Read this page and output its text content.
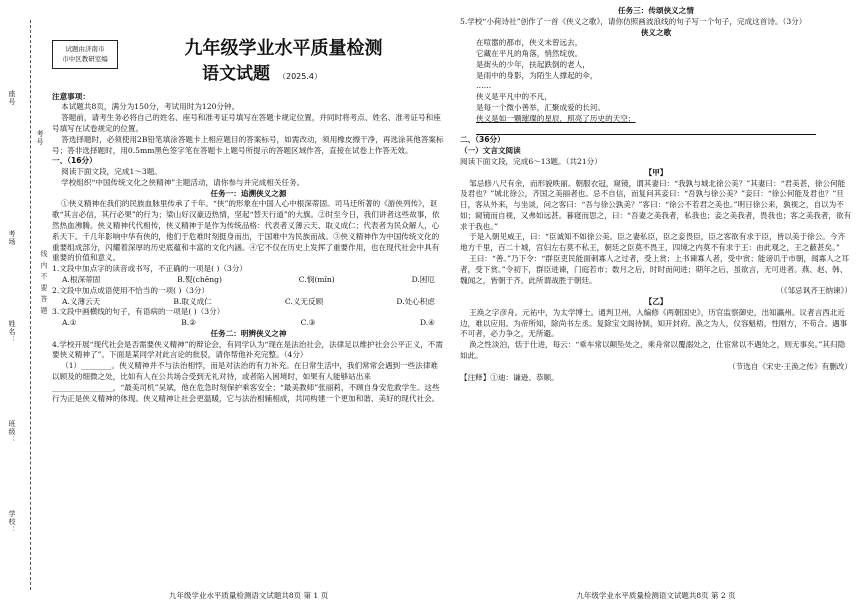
学校：
班级：
姓名：
考场
座号
考号
线 内 不 要 答 题
试题由济南市
市中区教研室编
九年级学业水平质量检测
语文试题 （2025.4）

注意事项：

本试题共8页，满分为150分，考试用时为120分钟。

答题前，请考生务必将自己的姓名、座号和准考证号填写在答题卡规定位置，并同时将考点、姓名、准考证号和座号填写在试卷规定的位置。

答选择题时，必须使用2B铅笔填涂答题卡上相应题目的答案标号，如需改动，须用橡皮擦干净，再选涂其他答案标号；答非选择题时，用0.5mm黑色签字笔在答题卡上题号所提示的答题区域作答，直接在试卷上作答无效。

一、（16分）

阅读下面文段，完成1～3题。

学校组织“中国传统文化之侠精神”主题活动，请你参与并完成相关任务。

任务一：追溯侠义之源

①侠义精神在我们的民族血脉里传承了千年。“侠”的形象在中国人心中根深蒂固。司马迁所著的《游侠列传》，讴歌“其言必信，其行必果”的行为；梁山好汉豪迈热情，坚起“替天行道”的大旗。②时至今日，我们讲者这些故事，依然热血沸腾。侠义精神代代相传，侠义精神于是作为传统品格：代表者义薄云天、取义成仁；代表者为民众解人，心系天下。千几年影响中华有侠的，他们于危难时刻挺身而出，于国难中为民族而战。③侠义精神作为中国传统文化的重要组成部分，闪耀着深厚的历史底蕴和丰富的文化内涵。④它不仅在历史上发挥了重要作用，也在现代社会中具有重要的价值和意义。

1.文段中加点字的读音或书写，不正确的一项是( )（3分）

A.根深蒂固	B.熨(chēng)	C.悯(mǐn)	D.困厄

2.文段中加点成语使用不恰当的一项( )（3分）

A.义薄云天	B.取义成仁	C.义无反顾	D.处心积虑

3.文段中画横线的句子，有语病的一项是( )（3分）

A.①	B.②	C.③	D.④

任务二：明辨侠义之神

4.学校开展“现代社会是否需要侠义精神”的辩论会，有同学认为“现在是法治社会，法律足以维护社会公平正义，不需要侠义精神了”。下面是某同学对此言论的批驳，请你帮他补充完整。（4分）

（1）________。侠义精神并不与法治相悖，而是对法治的有力补充。在日常生活中，我们常常会遇到一些法律难以顾及的细微之处，比如有人在公共场合受到无礼对待，或者陷入困境时，如果有人能够站出来________________，“最美司机”吴斌，他在危急时刻保护乘客安全；“最美教师”张丽莉，不顾自身安危救学生。这些行为正是侠义精神的体现。侠义精神让社会更温暖，它与法治相辅相成，共同构建一个更加和谐、美好的现代社会。

九年级学业水平质量检测语文试题共8页 第 1 页

任务三：传颂侠义之情

5.学校“小荷诗社”创作了一首《侠义之歌》，请你仿照画波浪线的句子写一个句子，完成这首诗。（3分）

侠义之歌

在喧嚣的都市，侠义未曾远去，

它藏在平凡的角落，悄然绽放。

是街头的少年，扶起跌倒的老人，

是雨中的身影，为陌生人撑起的伞，

……

侠义是平凡中的不凡，

是每一个微小善举，汇聚成爱的长河。

侠义是如一颗璀璨的星辰，照亮了历史的天空；

二、（36分）

（一）文言文阅读

阅读下面文段，完成6～13题。（共21分）

【甲】

邹忌修八尺有余，而形貌昳丽。朝服衣冠，窥镜，谓其妻曰：“我孰与城北徐公美？”其妻曰：“君美甚，徐公何能及君也？”城北徐公，齐国之美丽者也。忌不自信，而复问其妾曰：“吾孰与徐公美？”妾曰：“徐公何能及君也？”旦日，客从外来，与坐谈，问之客曰：“吾与徐公孰美？”客曰：“徐公不若君之美也。”明日徐公来，孰视之，自以为不如；窥镜而自视，又弗如远甚。暮寝而思之，曰：“吾妻之美我者，私我也；妾之美我者，畏我也；客之美我者，欲有求于我也。”

于是入朝见威王，曰：“臣诚知不如徐公美。臣之妻私臣，臣之妾畏臣，臣之客欲有求于臣，皆以美于徐公。今齐地方千里，百二十城，宫妇左右莫不私王，朝廷之臣莫不畏王，四境之内莫不有求于王：由此观之，王之蔽甚矣。”

王曰：“善。”乃下令：“群臣吏民能面刺寡人之过者，受上赏；上书谏寡人者，受中赏；能谤讥于市朝，闻寡人之耳者，受下赏。”令初下，群臣进谏，门庭若市；数月之后，时时而间进；期年之后，虽欲言，无可进者。燕、赵、韩、魏闻之，皆朝于齐。此所谓战胜于朝廷。

（《邹忌讽齐王纳谏》）

【乙】

王涣之字彦舟。元祐中，为太学博士。通判卫州，入编修《两朝国史》，历官监察御史，出知瀛州。议者言西北近边，难以应用。为帝所知，除尚书左丞。复除宝文阁待制，知开封府。涣之为人，仪容魁梧，性刚方，不苟合。遇事不可者，必力争之，无所避。

涣之性淡泊，恬于仕进，每云：“乘车常以颠坠处之，乘舟常以覆溺处之，仕宦常以不遇处之，则无事矣。”其归隐如此。

（节选自《宋史·王涣之传》有删改）

【注释】①迪：谦逊、恭顺。

九年级学业水平质量检测语文试题共8页 第 2 页
